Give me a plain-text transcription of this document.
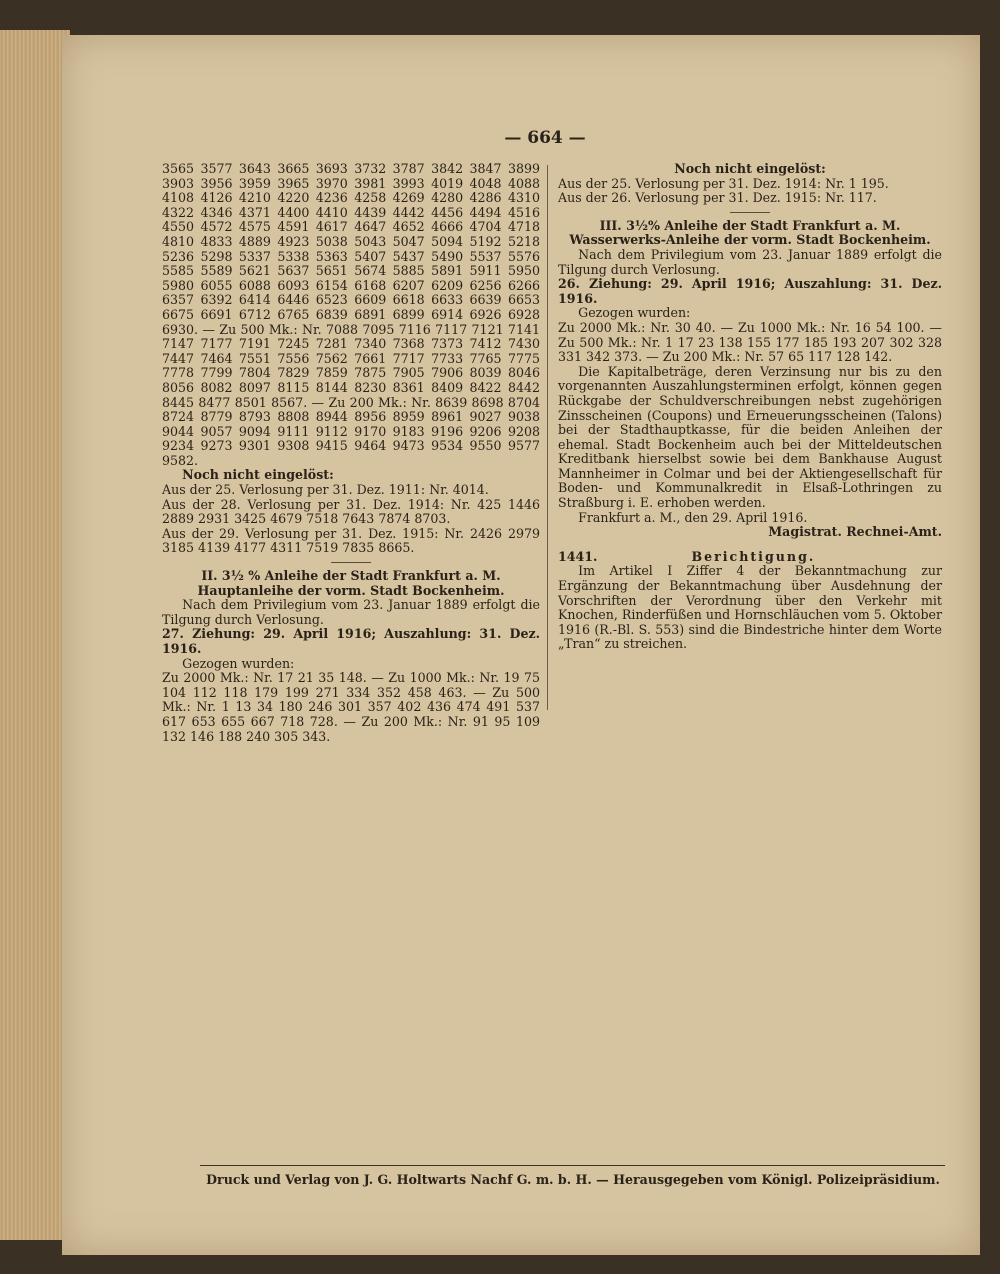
— 664 —

3565 3577 3643 3665 3693 3732 3787 3842 3847 3899 3903 3956 3959 3965 3970 3981 3993 4019 4048 4088 4108 4126 4210 4220 4236 4258 4269 4280 4286 4310 4322 4346 4371 4400 4410 4439 4442 4456 4494 4516 4550 4572 4575 4591 4617 4647 4652 4666 4704 4718 4810 4833 4889 4923 5038 5043 5047 5094 5192 5218 5236 5298 5337 5338 5363 5407 5437 5490 5537 5576 5585 5589 5621 5637 5651 5674 5885 5891 5911 5950 5980 6055 6088 6093 6154 6168 6207 6209 6256 6266 6357 6392 6414 6446 6523 6609 6618 6633 6639 6653 6675 6691 6712 6765 6839 6891 6899 6914 6926 6928 6930. — Zu 500 Mk.: Nr. 7088 7095 7116 7117 7121 7141 7147 7177 7191 7245 7281 7340 7368 7373 7412 7430 7447 7464 7551 7556 7562 7661 7717 7733 7765 7775 7778 7799 7804 7829 7859 7875 7905 7906 8039 8046 8056 8082 8097 8115 8144 8230 8361 8409 8422 8442 8445 8477 8501 8567. — Zu 200 Mk.: Nr. 8639 8698 8704 8724 8779 8793 8808 8944 8956 8959 8961 9027 9038 9044 9057 9094 9111 9112 9170 9183 9196 9206 9208 9234 9273 9301 9308 9415 9464 9473 9534 9550 9577 9582.

Noch nicht eingelöst:

Aus der 25. Verlosung per 31. Dez. 1911: Nr. 4014.

Aus der 28. Verlosung per 31. Dez. 1914: Nr. 425 1446 2889 2931 3425 4679 7518 7643 7874 8703.

Aus der 29. Verlosung per 31. Dez. 1915: Nr. 2426 2979 3185 4139 4177 4311 7519 7835 8665.

II. 3½ % Anleihe der Stadt Frankfurt a. M. Hauptanleihe der vorm. Stadt Bockenheim.

Nach dem Privilegium vom 23. Januar 1889 erfolgt die Tilgung durch Verlosung.

27. Ziehung: 29. April 1916; Auszahlung: 31. Dez. 1916.

Gezogen wurden:

Zu 2000 Mk.: Nr. 17 21 35 148. — Zu 1000 Mk.: Nr. 19 75 104 112 118 179 199 271 334 352 458 463. — Zu 500 Mk.: Nr. 1 13 34 180 246 301 357 402 436 474 491 537 617 653 655 667 718 728. — Zu 200 Mk.: Nr. 91 95 109 132 146 188 240 305 343.

Noch nicht eingelöst:

Aus der 25. Verlosung per 31. Dez. 1914: Nr. 1 195.

Aus der 26. Verlosung per 31. Dez. 1915: Nr. 117.

III. 3½% Anleihe der Stadt Frankfurt a. M. Wasserwerks-Anleihe der vorm. Stadt Bockenheim.

Nach dem Privilegium vom 23. Januar 1889 erfolgt die Tilgung durch Verlosung.

26. Ziehung: 29. April 1916; Auszahlung: 31. Dez. 1916.

Gezogen wurden:

Zu 2000 Mk.: Nr. 30 40. — Zu 1000 Mk.: Nr. 16 54 100. — Zu 500 Mk.: Nr. 1 17 23 138 155 177 185 193 207 302 328 331 342 373. — Zu 200 Mk.: Nr. 57 65 117 128 142.

Die Kapitalbeträge, deren Verzinsung nur bis zu den vorgenannten Auszahlungsterminen erfolgt, können gegen Rückgabe der Schuldverschreibungen nebst zugehörigen Zinsscheinen (Coupons) und Erneuerungsscheinen (Talons) bei der Stadthauptkasse, für die beiden Anleihen der ehemal. Stadt Bockenheim auch bei der Mitteldeutschen Kreditbank hierselbst sowie bei dem Bankhause August Mannheimer in Colmar und bei der Aktiengesellschaft für Boden- und Kommunalkredit in Elsaß-Lothringen zu Straßburg i. E. erhoben werden.

Frankfurt a. M., den 29. April 1916.

Magistrat. Rechnei-Amt.

1441.	Berichtigung.

Im Artikel I Ziffer 4 der Bekanntmachung zur Ergänzung der Bekanntmachung über Ausdehnung der Vorschriften der Verordnung über den Verkehr mit Knochen, Rinderfüßen und Hornschläuchen vom 5. Oktober 1916 (R.-Bl. S. 553) sind die Bindestriche hinter dem Worte „Tran“ zu streichen.

Druck und Verlag von J. G. Holtwarts Nachf G. m. b. H. — Herausgegeben vom Königl. Polizeipräsidium.
